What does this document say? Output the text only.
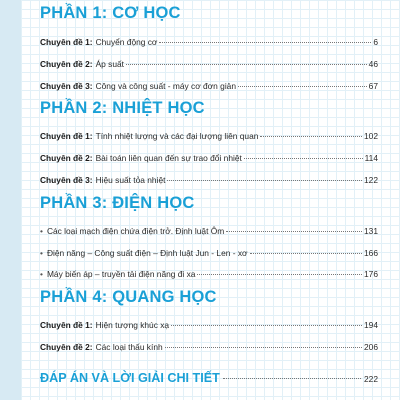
PHẦN 1: CƠ HỌC
Chuyên đề 1: Chuyển động cơ	6
Chuyên đề 2: Áp suất	46
Chuyên đề 3: Công và công suất - máy cơ đơn giản	67
PHẦN 2: NHIỆT HỌC
Chuyên đề 1: Tính nhiệt lượng và các đại lượng liên quan	102
Chuyên đề 2: Bài toán liên quan đến sự trao đổi nhiệt	114
Chuyên đề 3: Hiệu suất tỏa nhiệt	122
PHẦN 3: ĐIỆN HỌC
• Các loại mạch điện chứa điện trở. Định luật Ôm	131
• Điện năng – Công suất điện – Định luật Jun - Len - xơ	166
• Máy biến áp – truyền tải điện năng đi xa	176
PHẦN 4: QUANG HỌC
Chuyên đề 1: Hiện tượng khúc xạ	194
Chuyên đề 2: Các loại thấu kính	206
ĐÁP ÁN VÀ LỜI GIẢI CHI TIẾT	222
